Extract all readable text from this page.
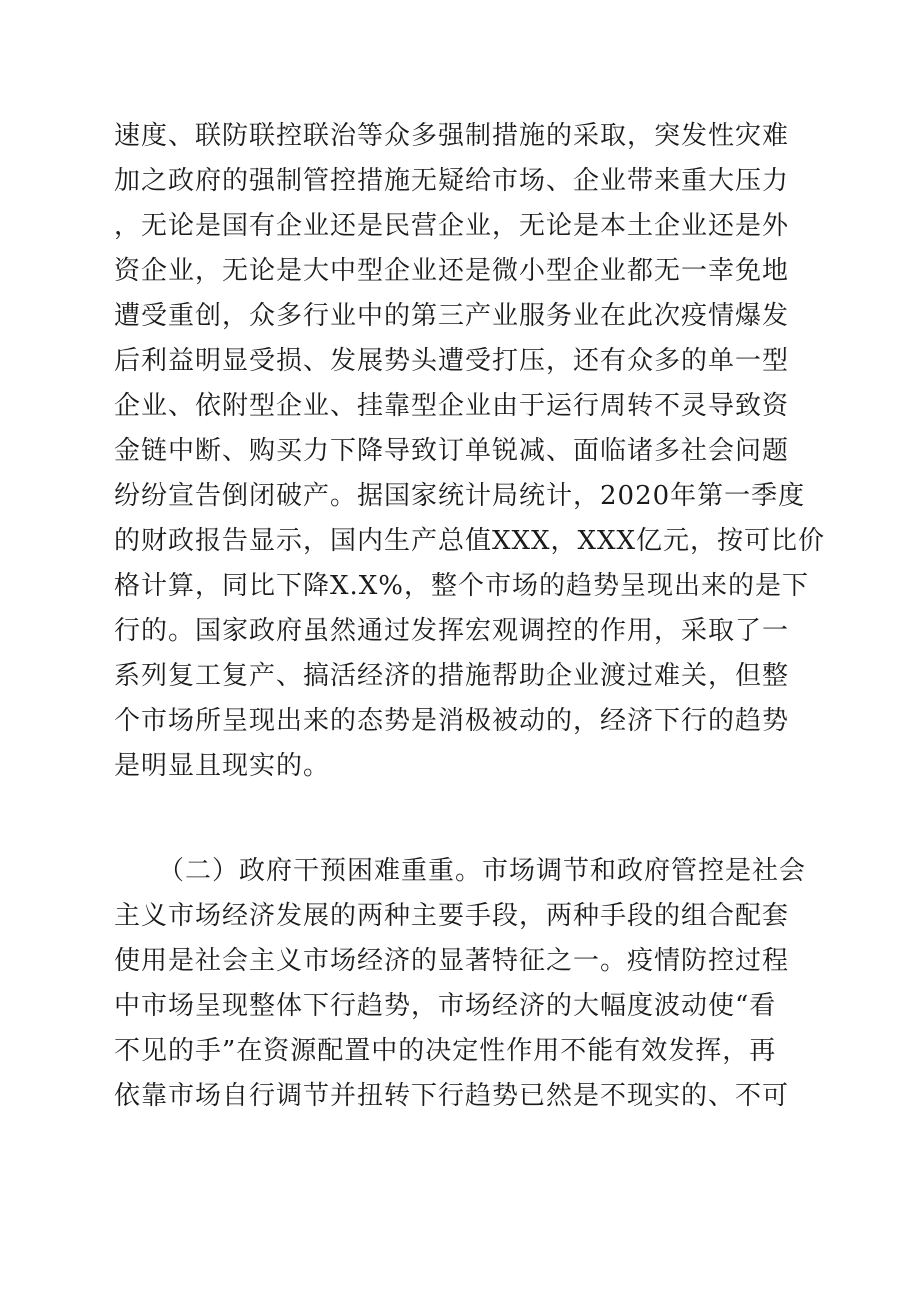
速度、联防联控联治等众多强制措施的采取，突发性灾难
加之政府的强制管控措施无疑给市场、企业带来重大压力
，无论是国有企业还是民营企业，无论是本土企业还是外
资企业，无论是大中型企业还是微小型企业都无一幸免地
遭受重创，众多行业中的第三产业服务业在此次疫情爆发
后利益明显受损、发展势头遭受打压，还有众多的单一型
企业、依附型企业、挂靠型企业由于运行周转不灵导致资
金链中断、购买力下降导致订单锐减、面临诸多社会问题
纷纷宣告倒闭破产。据国家统计局统计，2020年第一季度
的财政报告显示，国内生产总值XXX，XXX亿元，按可比价
格计算，同比下降X.X%，整个市场的趋势呈现出来的是下
行的。国家政府虽然通过发挥宏观调控的作用，采取了一
系列复工复产、搞活经济的措施帮助企业渡过难关，但整
个市场所呈现出来的态势是消极被动的，经济下行的趋势
是明显且现实的。
（二）政府干预困难重重。市场调节和政府管控是社会
主义市场经济发展的两种主要手段，两种手段的组合配套
使用是社会主义市场经济的显著特征之一。疫情防控过程
中市场呈现整体下行趋势，市场经济的大幅度波动使“看
不见的手”在资源配置中的决定性作用不能有效发挥，再
依靠市场自行调节并扭转下行趋势已然是不现实的、不可
